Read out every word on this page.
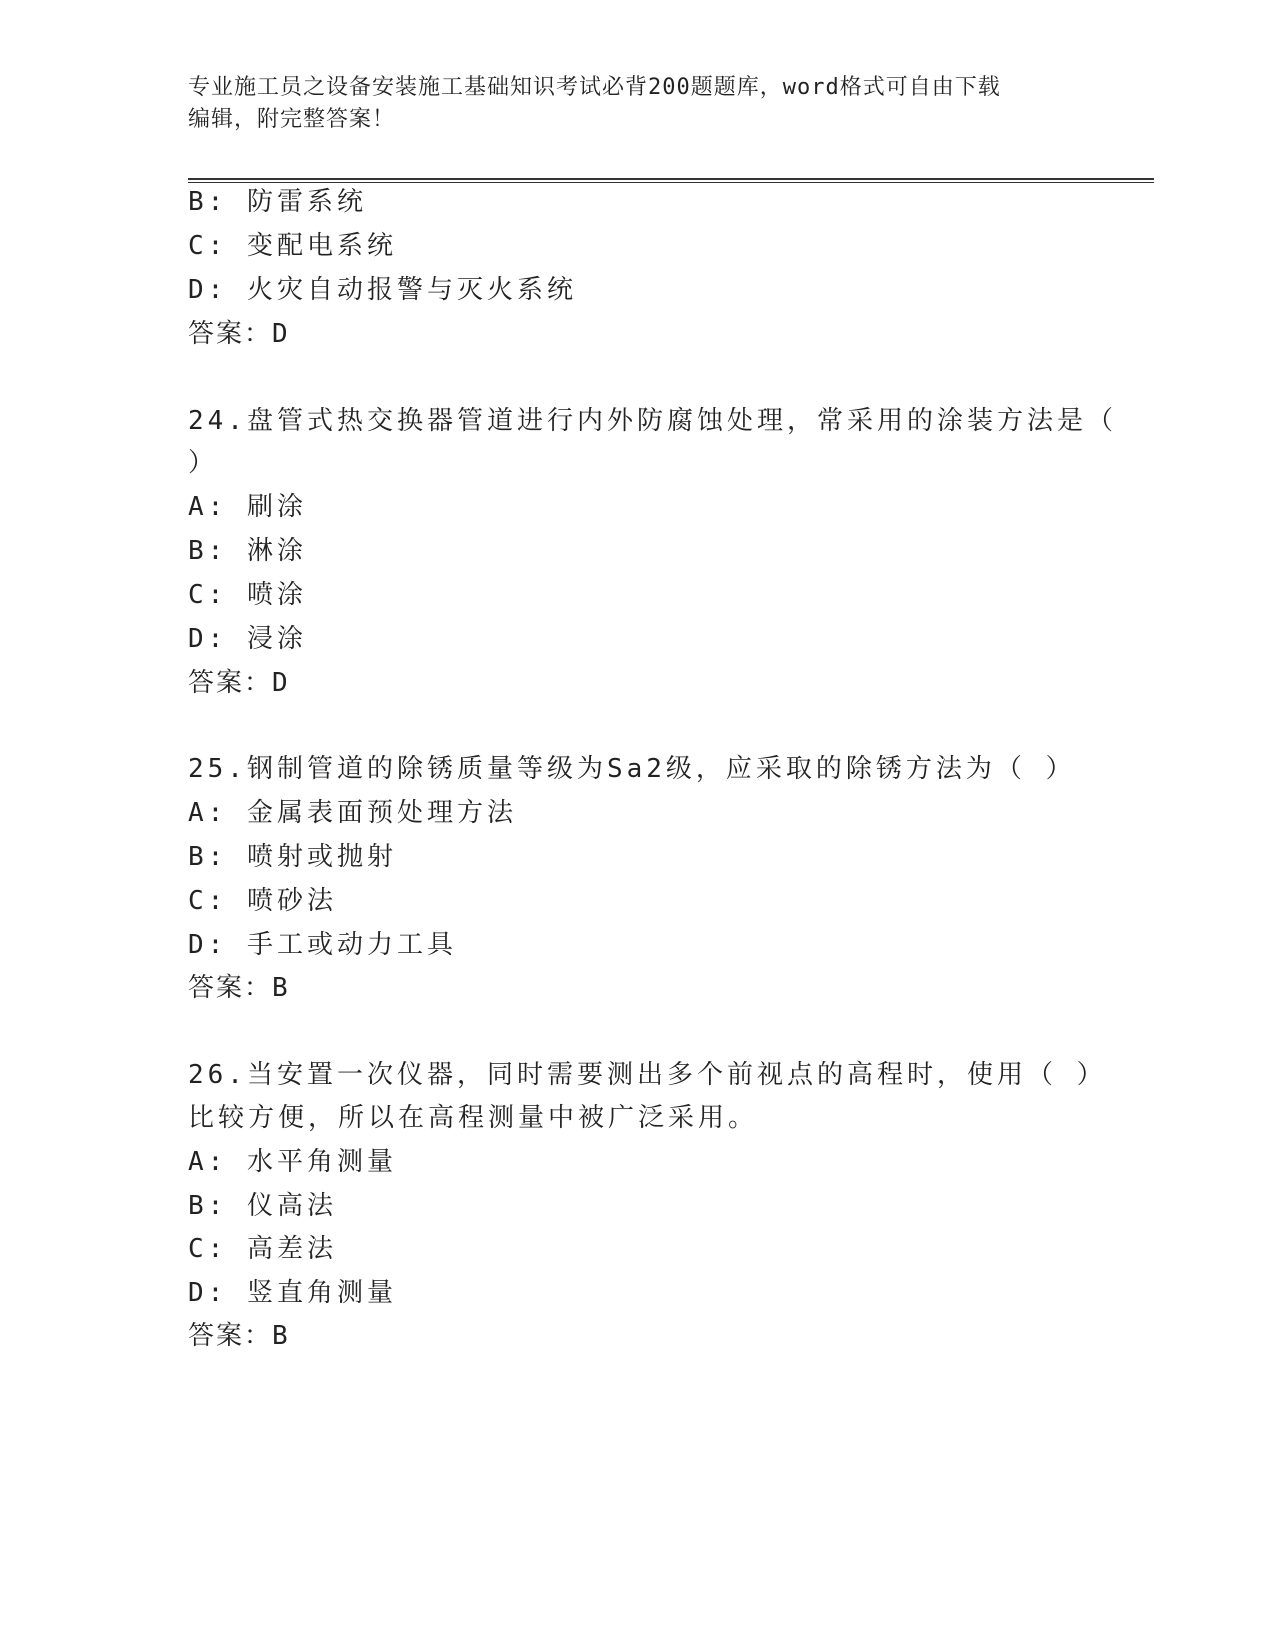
专业施工员之设备安装施工基础知识考试必背200题题库，word格式可自由下载
编辑，附完整答案！
B: 防雷系统
C: 变配电系统
D: 火灾自动报警与灭火系统
答案：D
24.盘管式热交换器管道进行内外防腐蚀处理，常采用的涂装方法是（
）
A: 刷涂
B: 淋涂
C: 喷涂
D: 浸涂
答案：D
25.钢制管道的除锈质量等级为Sa2级，应采取的除锈方法为（ ）
A: 金属表面预处理方法
B: 喷射或抛射
C: 喷砂法
D: 手工或动力工具
答案：B
26.当安置一次仪器，同时需要测出多个前视点的高程时，使用（ ）
比较方便，所以在高程测量中被广泛采用。
A: 水平角测量
B: 仪高法
C: 高差法
D: 竖直角测量
答案：B
